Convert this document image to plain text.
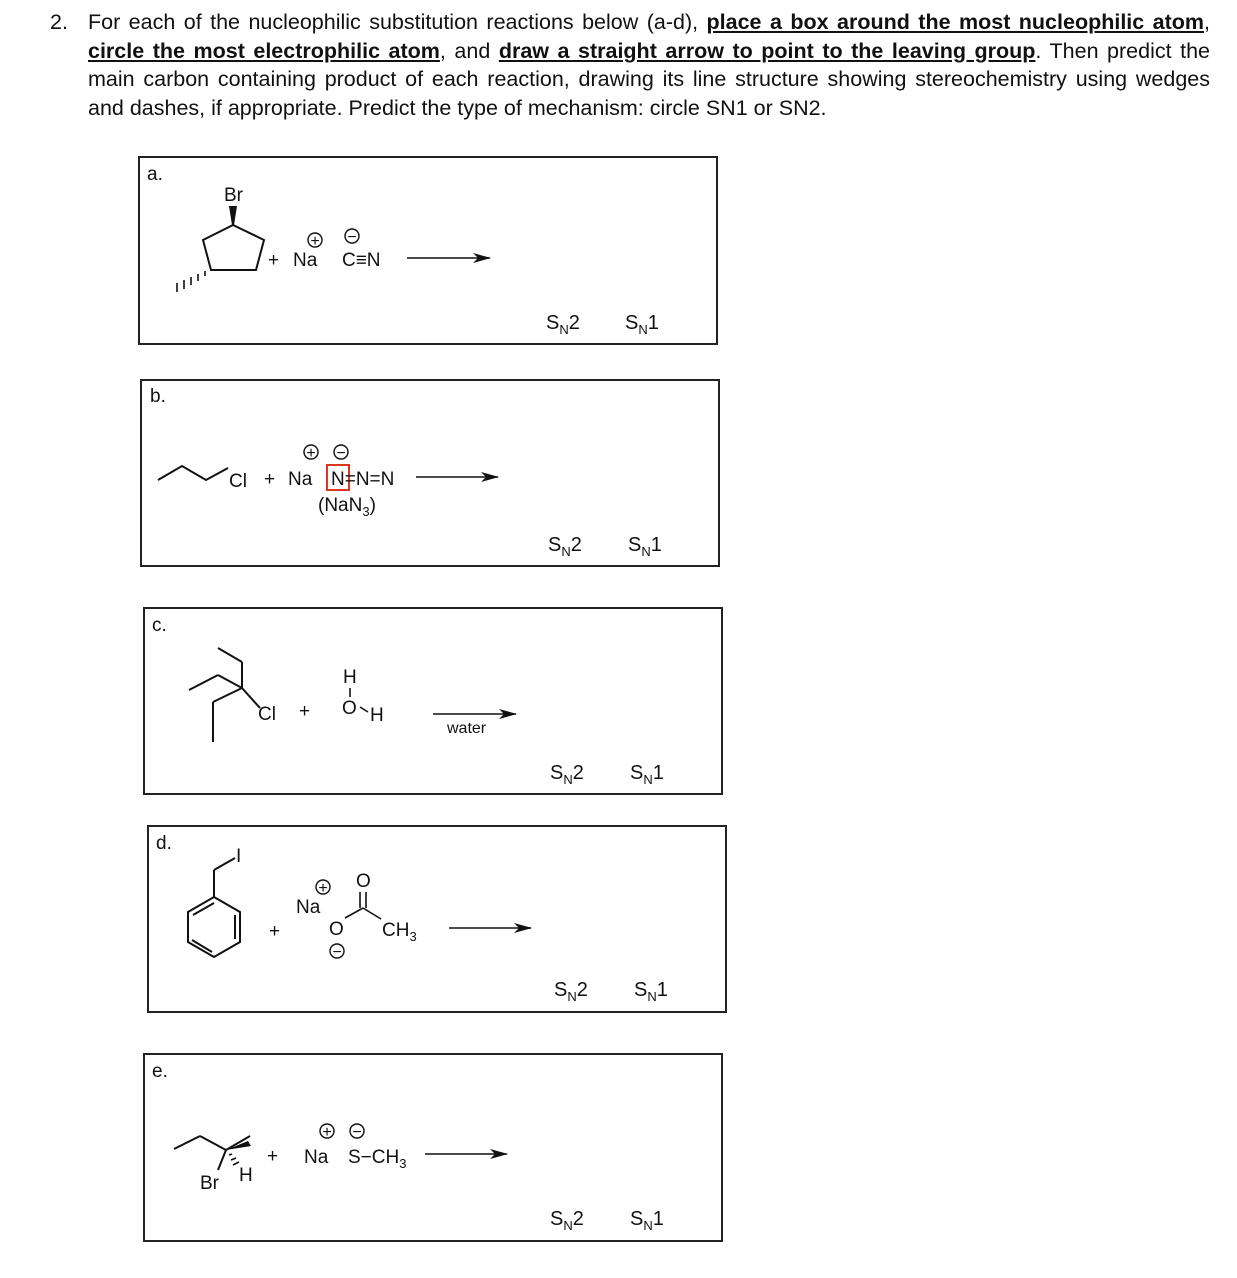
2. For each of the nucleophilic substitution reactions below (a-d), place a box around the most nucleophilic atom, circle the most electrophilic atom, and draw a straight arrow to point to the leaving group. Then predict the main carbon containing product of each reaction, drawing its line structure showing stereochemistry using wedges and dashes, if appropriate. Predict the type of mechanism: circle SN1 or SN2.
a.
Br
+
+
Na
−
C≡N
$S_N2$ $S_N1$
b.
Cl +
+ −
Na N=N=N
(NaN$_3$)
$S_N2$ $S_N1$
c.
Cl +
H
O H
water
$S_N2$ $S_N1$
d.
I
+
+
Na
O
O
−
$CH_3$
$S_N2$ $S_N1$
e.
Br H
+
+ −
Na $S-CH_3$
$S_N2$ $S_N1$
